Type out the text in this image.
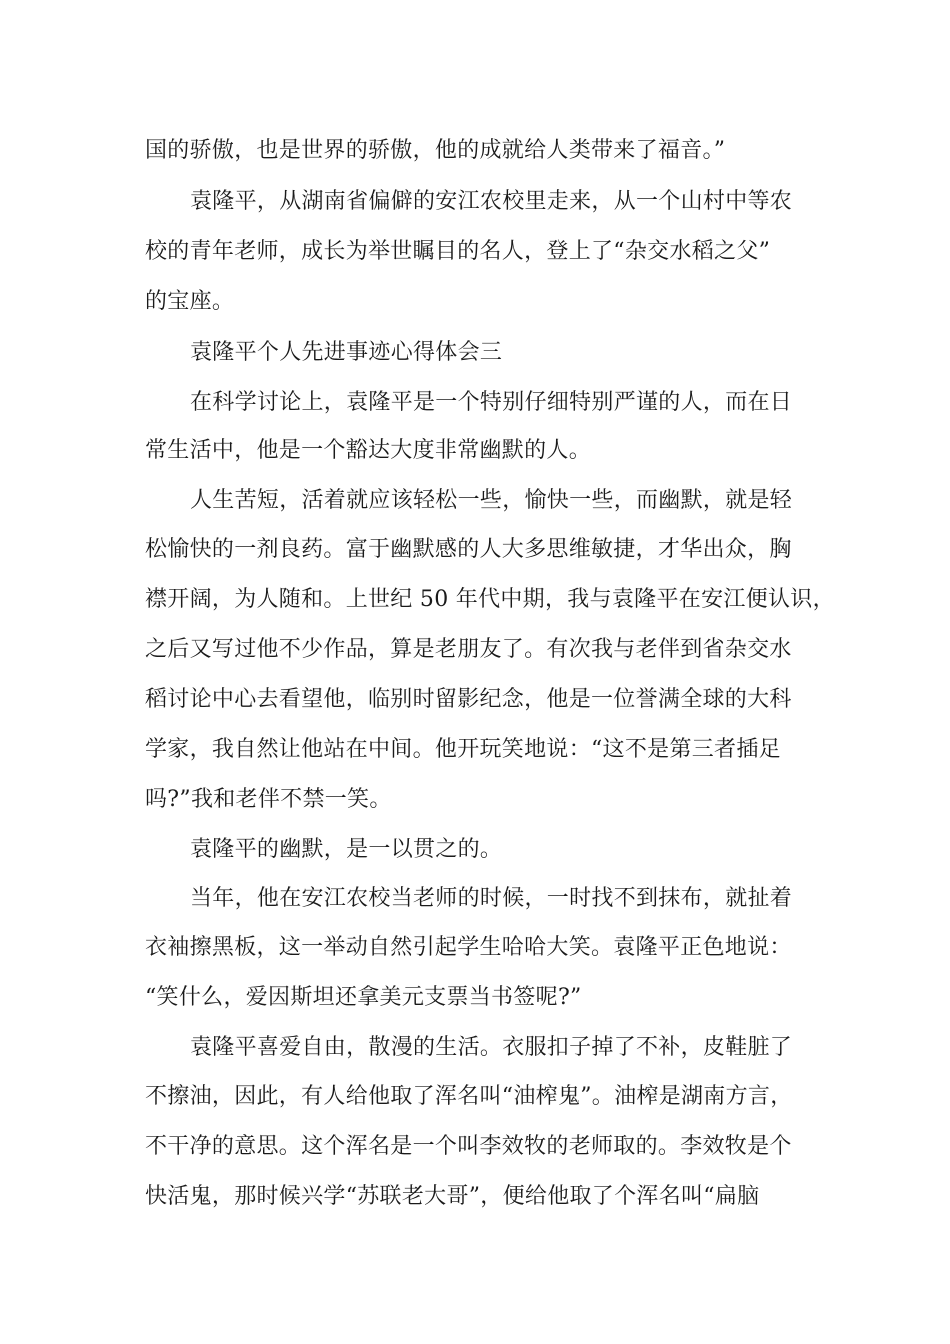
国的骄傲，也是世界的骄傲，他的成就给人类带来了福音。”

袁隆平，从湖南省偏僻的安江农校里走来，从一个山村中等农

校的青年老师，成长为举世瞩目的名人，登上了“杂交水稻之父”

的宝座。

袁隆平个人先进事迹心得体会三

在科学讨论上，袁隆平是一个特别仔细特别严谨的人，而在日

常生活中，他是一个豁达大度非常幽默的人。

人生苦短，活着就应该轻松一些，愉快一些，而幽默，就是轻

松愉快的一剂良药。富于幽默感的人大多思维敏捷，才华出众，胸

襟开阔，为人随和。上世纪 50 年代中期，我与袁隆平在安江便认识，

之后又写过他不少作品，算是老朋友了。有次我与老伴到省杂交水

稻讨论中心去看望他，临别时留影纪念，他是一位誉满全球的大科

学家，我自然让他站在中间。他开玩笑地说：“这不是第三者插足

吗?”我和老伴不禁一笑。

袁隆平的幽默，是一以贯之的。

当年，他在安江农校当老师的时候，一时找不到抹布，就扯着

衣袖擦黑板，这一举动自然引起学生哈哈大笑。袁隆平正色地说：

“笑什么，爱因斯坦还拿美元支票当书签呢?”

袁隆平喜爱自由，散漫的生活。衣服扣子掉了不补，皮鞋脏了

不擦油，因此，有人给他取了浑名叫“油榨鬼”。油榨是湖南方言，

不干净的意思。这个浑名是一个叫李效牧的老师取的。李效牧是个

快活鬼，那时候兴学“苏联老大哥”，便给他取了个浑名叫“扁脑
